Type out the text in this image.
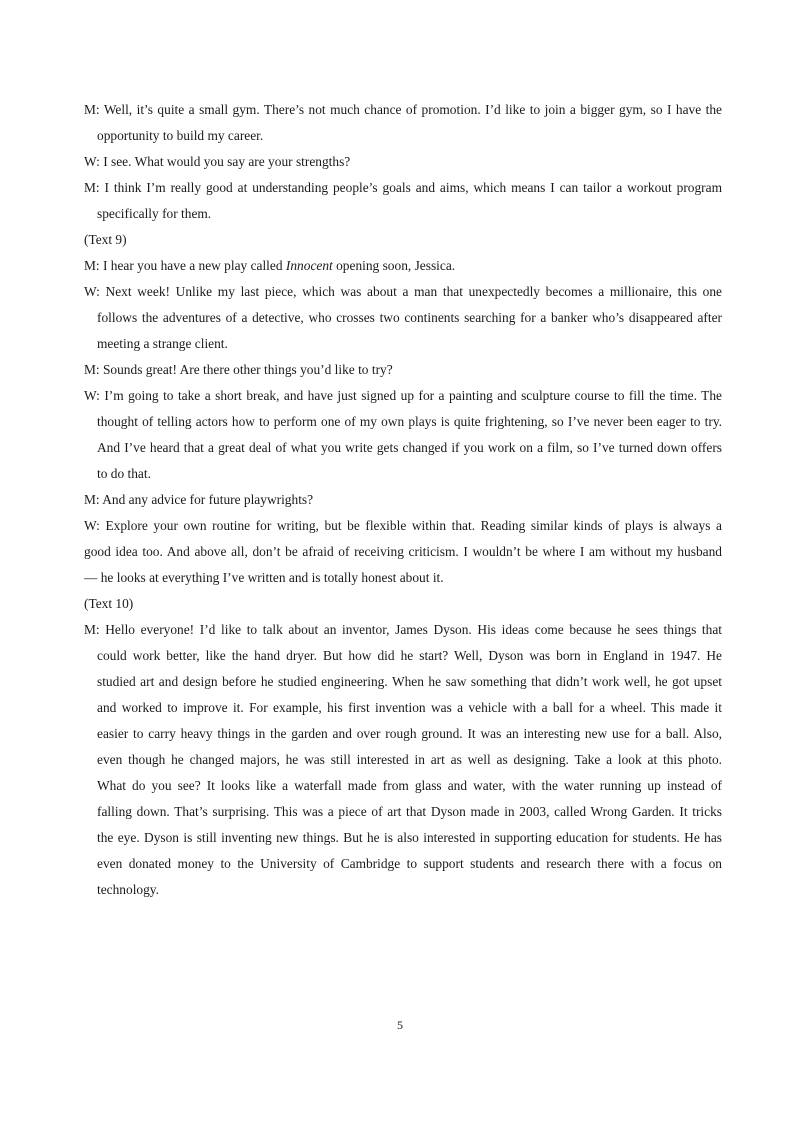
M: Well, it’s quite a small gym. There’s not much chance of promotion. I’d like to join a bigger gym, so I have the
opportunity to build my career.
W: I see. What would you say are your strengths?
M: I think I’m really good at understanding people’s goals and aims, which means I can tailor a workout program
specifically for them.
(Text 9)
M: I hear you have a new play called Innocent opening soon, Jessica.
W: Next week! Unlike my last piece, which was about a man that unexpectedly becomes a millionaire, this one
follows the adventures of a detective, who crosses two continents searching for a banker who’s disappeared after
meeting a strange client.
M: Sounds great! Are there other things you’d like to try?
W: I’m going to take a short break, and have just signed up for a painting and sculpture course to fill the time. The
thought of telling actors how to perform one of my own plays is quite frightening, so I’ve never been eager to try.
And I’ve heard that a great deal of what you write gets changed if you work on a film, so I’ve turned down offers
to do that.
M: And any advice for future playwrights?
W: Explore your own routine for writing, but be flexible within that. Reading similar kinds of plays is always a
good idea too. And above all, don’t be afraid of receiving criticism. I wouldn’t be where I am without my husband
— he looks at everything I’ve written and is totally honest about it.
(Text 10)
M: Hello everyone! I’d like to talk about an inventor, James Dyson. His ideas come because he sees things that
could work better, like the hand dryer. But how did he start? Well, Dyson was born in England in 1947. He
studied art and design before he studied engineering. When he saw something that didn’t work well, he got upset
and worked to improve it. For example, his first invention was a vehicle with a ball for a wheel. This made it
easier to carry heavy things in the garden and over rough ground. It was an interesting new use for a ball. Also,
even though he changed majors, he was still interested in art as well as designing. Take a look at this photo.
What do you see? It looks like a waterfall made from glass and water, with the water running up instead of
falling down. That’s surprising. This was a piece of art that Dyson made in 2003, called Wrong Garden. It tricks
the eye. Dyson is still inventing new things. But he is also interested in supporting education for students. He has
even donated money to the University of Cambridge to support students and research there with a focus on
technology.
5
